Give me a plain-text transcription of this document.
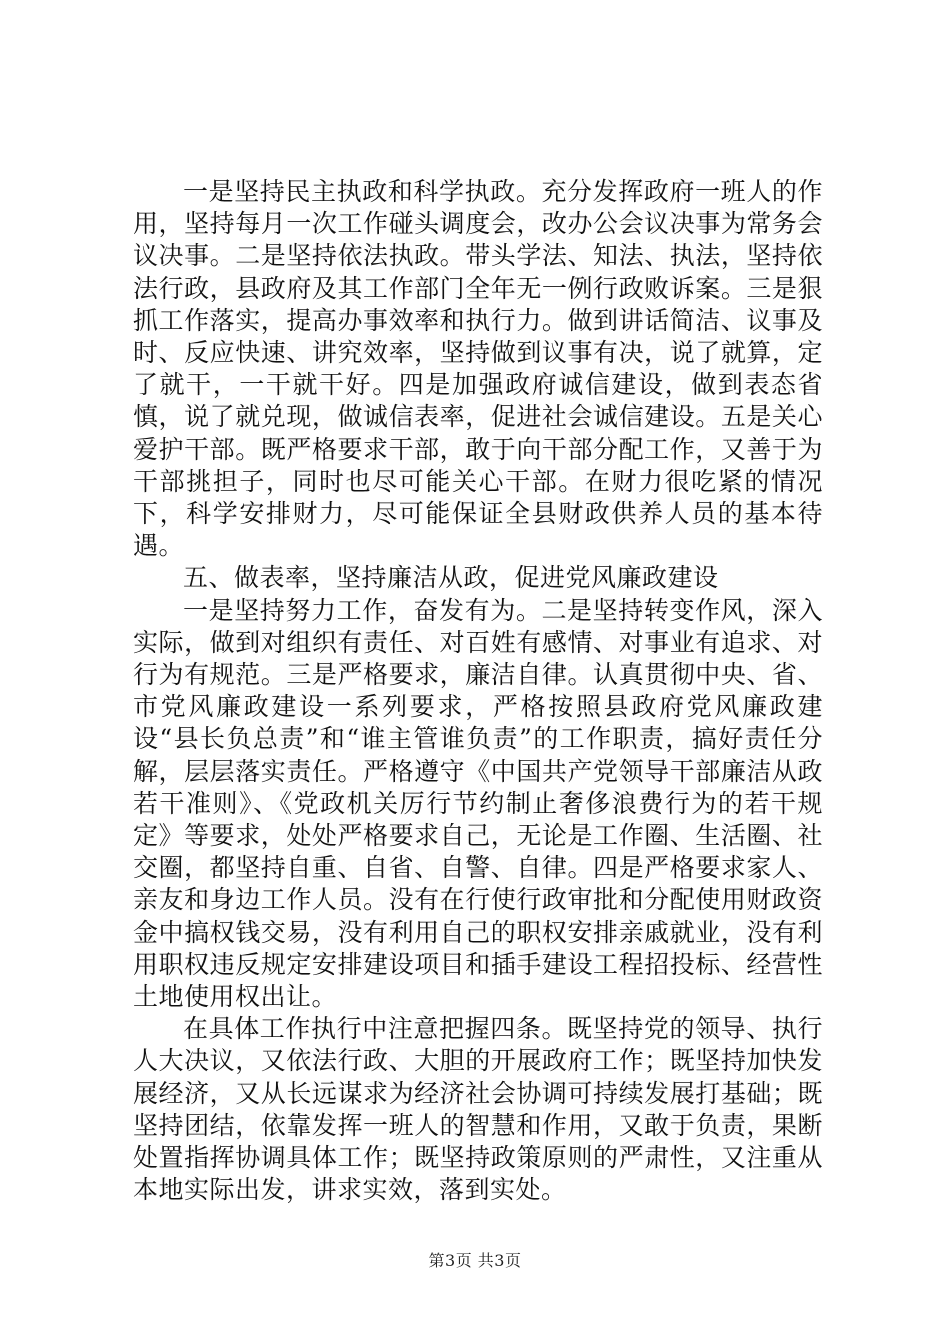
一是坚持民主执政和科学执政。充分发挥政府一班人的作用，坚持每月一次工作碰头调度会，改办公会议决事为常务会议决事。二是坚持依法执政。带头学法、知法、执法，坚持依法行政，县政府及其工作部门全年无一例行政败诉案。三是狠抓工作落实，提高办事效率和执行力。做到讲话简洁、议事及时、反应快速、讲究效率，坚持做到议事有决，说了就算，定了就干，一干就干好。四是加强政府诚信建设，做到表态省慎，说了就兑现，做诚信表率，促进社会诚信建设。五是关心爱护干部。既严格要求干部，敢于向干部分配工作，又善于为干部挑担子，同时也尽可能关心干部。在财力很吃紧的情况下，科学安排财力，尽可能保证全县财政供养人员的基本待遇。

五、做表率，坚持廉洁从政，促进党风廉政建设

一是坚持努力工作，奋发有为。二是坚持转变作风，深入实际，做到对组织有责任、对百姓有感情、对事业有追求、对行为有规范。三是严格要求，廉洁自律。认真贯彻中央、省、市党风廉政建设一系列要求，严格按照县政府党风廉政建设“县长负总责”和“谁主管谁负责”的工作职责，搞好责任分解，层层落实责任。严格遵守《中国共产党领导干部廉洁从政若干准则》、《党政机关厉行节约制止奢侈浪费行为的若干规定》等要求，处处严格要求自己，无论是工作圈、生活圈、社交圈，都坚持自重、自省、自警、自律。四是严格要求家人、亲友和身边工作人员。没有在行使行政审批和分配使用财政资金中搞权钱交易，没有利用自己的职权安排亲戚就业，没有利用职权违反规定安排建设项目和插手建设工程招投标、经营性土地使用权出让。

在具体工作执行中注意把握四条。既坚持党的领导、执行人大决议，又依法行政、大胆的开展政府工作；既坚持加快发展经济，又从长远谋求为经济社会协调可持续发展打基础；既坚持团结，依靠发挥一班人的智慧和作用，又敢于负责，果断处置指挥协调具体工作；既坚持政策原则的严肃性，又注重从本地实际出发，讲求实效，落到实处。

第3页 共3页
